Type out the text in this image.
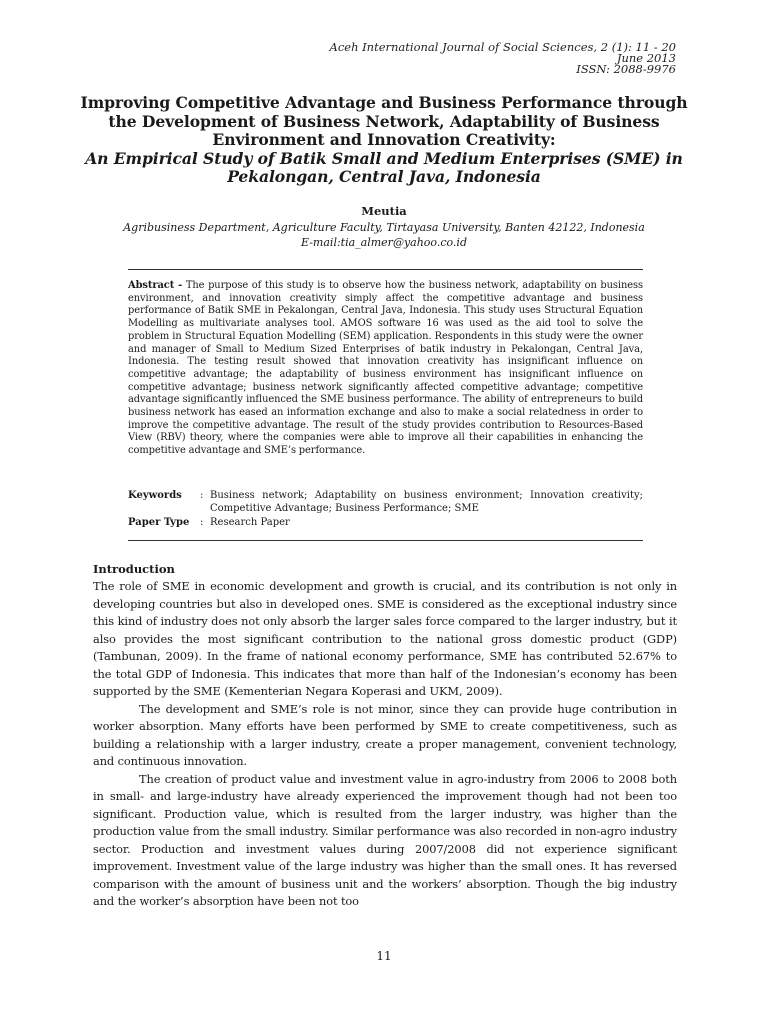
Aceh International Journal of Social Sciences, 2 (1): 11 - 20
June 2013
ISSN: 2088-9976

Improving Competitive Advantage and Business Performance through the Development of Business Network, Adaptability of Business Environment and Innovation Creativity:

An Empirical Study of Batik Small and Medium Enterprises (SME) in Pekalongan, Central Java, Indonesia

Meutia
Agribusiness Department, Agriculture Faculty, Tirtayasa University, Banten 42122, Indonesia
E-mail:tia_almer@yahoo.co.id

Abstract - The purpose of this study is to observe how the business network, adaptability on business environment, and innovation creativity simply affect the competitive advantage and business performance of Batik SME in Pekalongan, Central Java, Indonesia. This study uses Structural Equation Modelling as multivariate analyses tool. AMOS software 16 was used as the aid tool to solve the problem in Structural Equation Modelling (SEM) application. Respondents in this study were the owner and manager of Small to Medium Sized Enterprises of batik industry in Pekalongan, Central Java, Indonesia. The testing result showed that innovation creativity has insignificant influence on competitive advantage; the adaptability of business environment has insignificant influence on competitive advantage; business network significantly affected competitive advantage; competitive advantage significantly influenced the SME business performance. The ability of entrepreneurs to build business network has eased an information exchange and also to make a social relatedness in order to improve the competitive advantage. The result of the study provides contribution to Resources-Based View (RBV) theory, where the companies were able to improve all their capabilities in enhancing the competitive advantage and SME’s performance.

Keywords	: Business network; Adaptability on business environment; Innovation creativity; Competitive Advantage; Business Performance; SME
Paper Type	: Research Paper
Introduction

The role of SME in economic development and growth is crucial, and its contribution is not only in developing countries but also in developed ones. SME is considered as the exceptional industry since this kind of industry does not only absorb the larger sales force compared to the larger industry, but it also provides the most significant contribution to the national gross domestic product (GDP) (Tambunan, 2009). In the frame of national economy performance, SME has contributed 52.67% to the total GDP of Indonesia. This indicates that more than half of the Indonesian’s economy has been supported by the SME (Kementerian Negara Koperasi and UKM, 2009).

The development and SME’s role is not minor, since they can provide huge contribution in worker absorption. Many efforts have been performed by SME to create competitiveness, such as building a relationship with a larger industry, create a proper management, convenient technology, and continuous innovation.

The creation of product value and investment value in agro-industry from 2006 to 2008 both in small- and large-industry have already experienced the improvement though had not been too significant. Production value, which is resulted from the larger industry, was higher than the production value from the small industry. Similar performance was also recorded in non-agro industry sector. Production and investment values during 2007/2008 did not experience significant improvement. Investment value of the large industry was higher than the small ones. It has reversed comparison with the amount of business unit and the workers’ absorption. Though the big industry and the worker’s absorption have been not too

11
